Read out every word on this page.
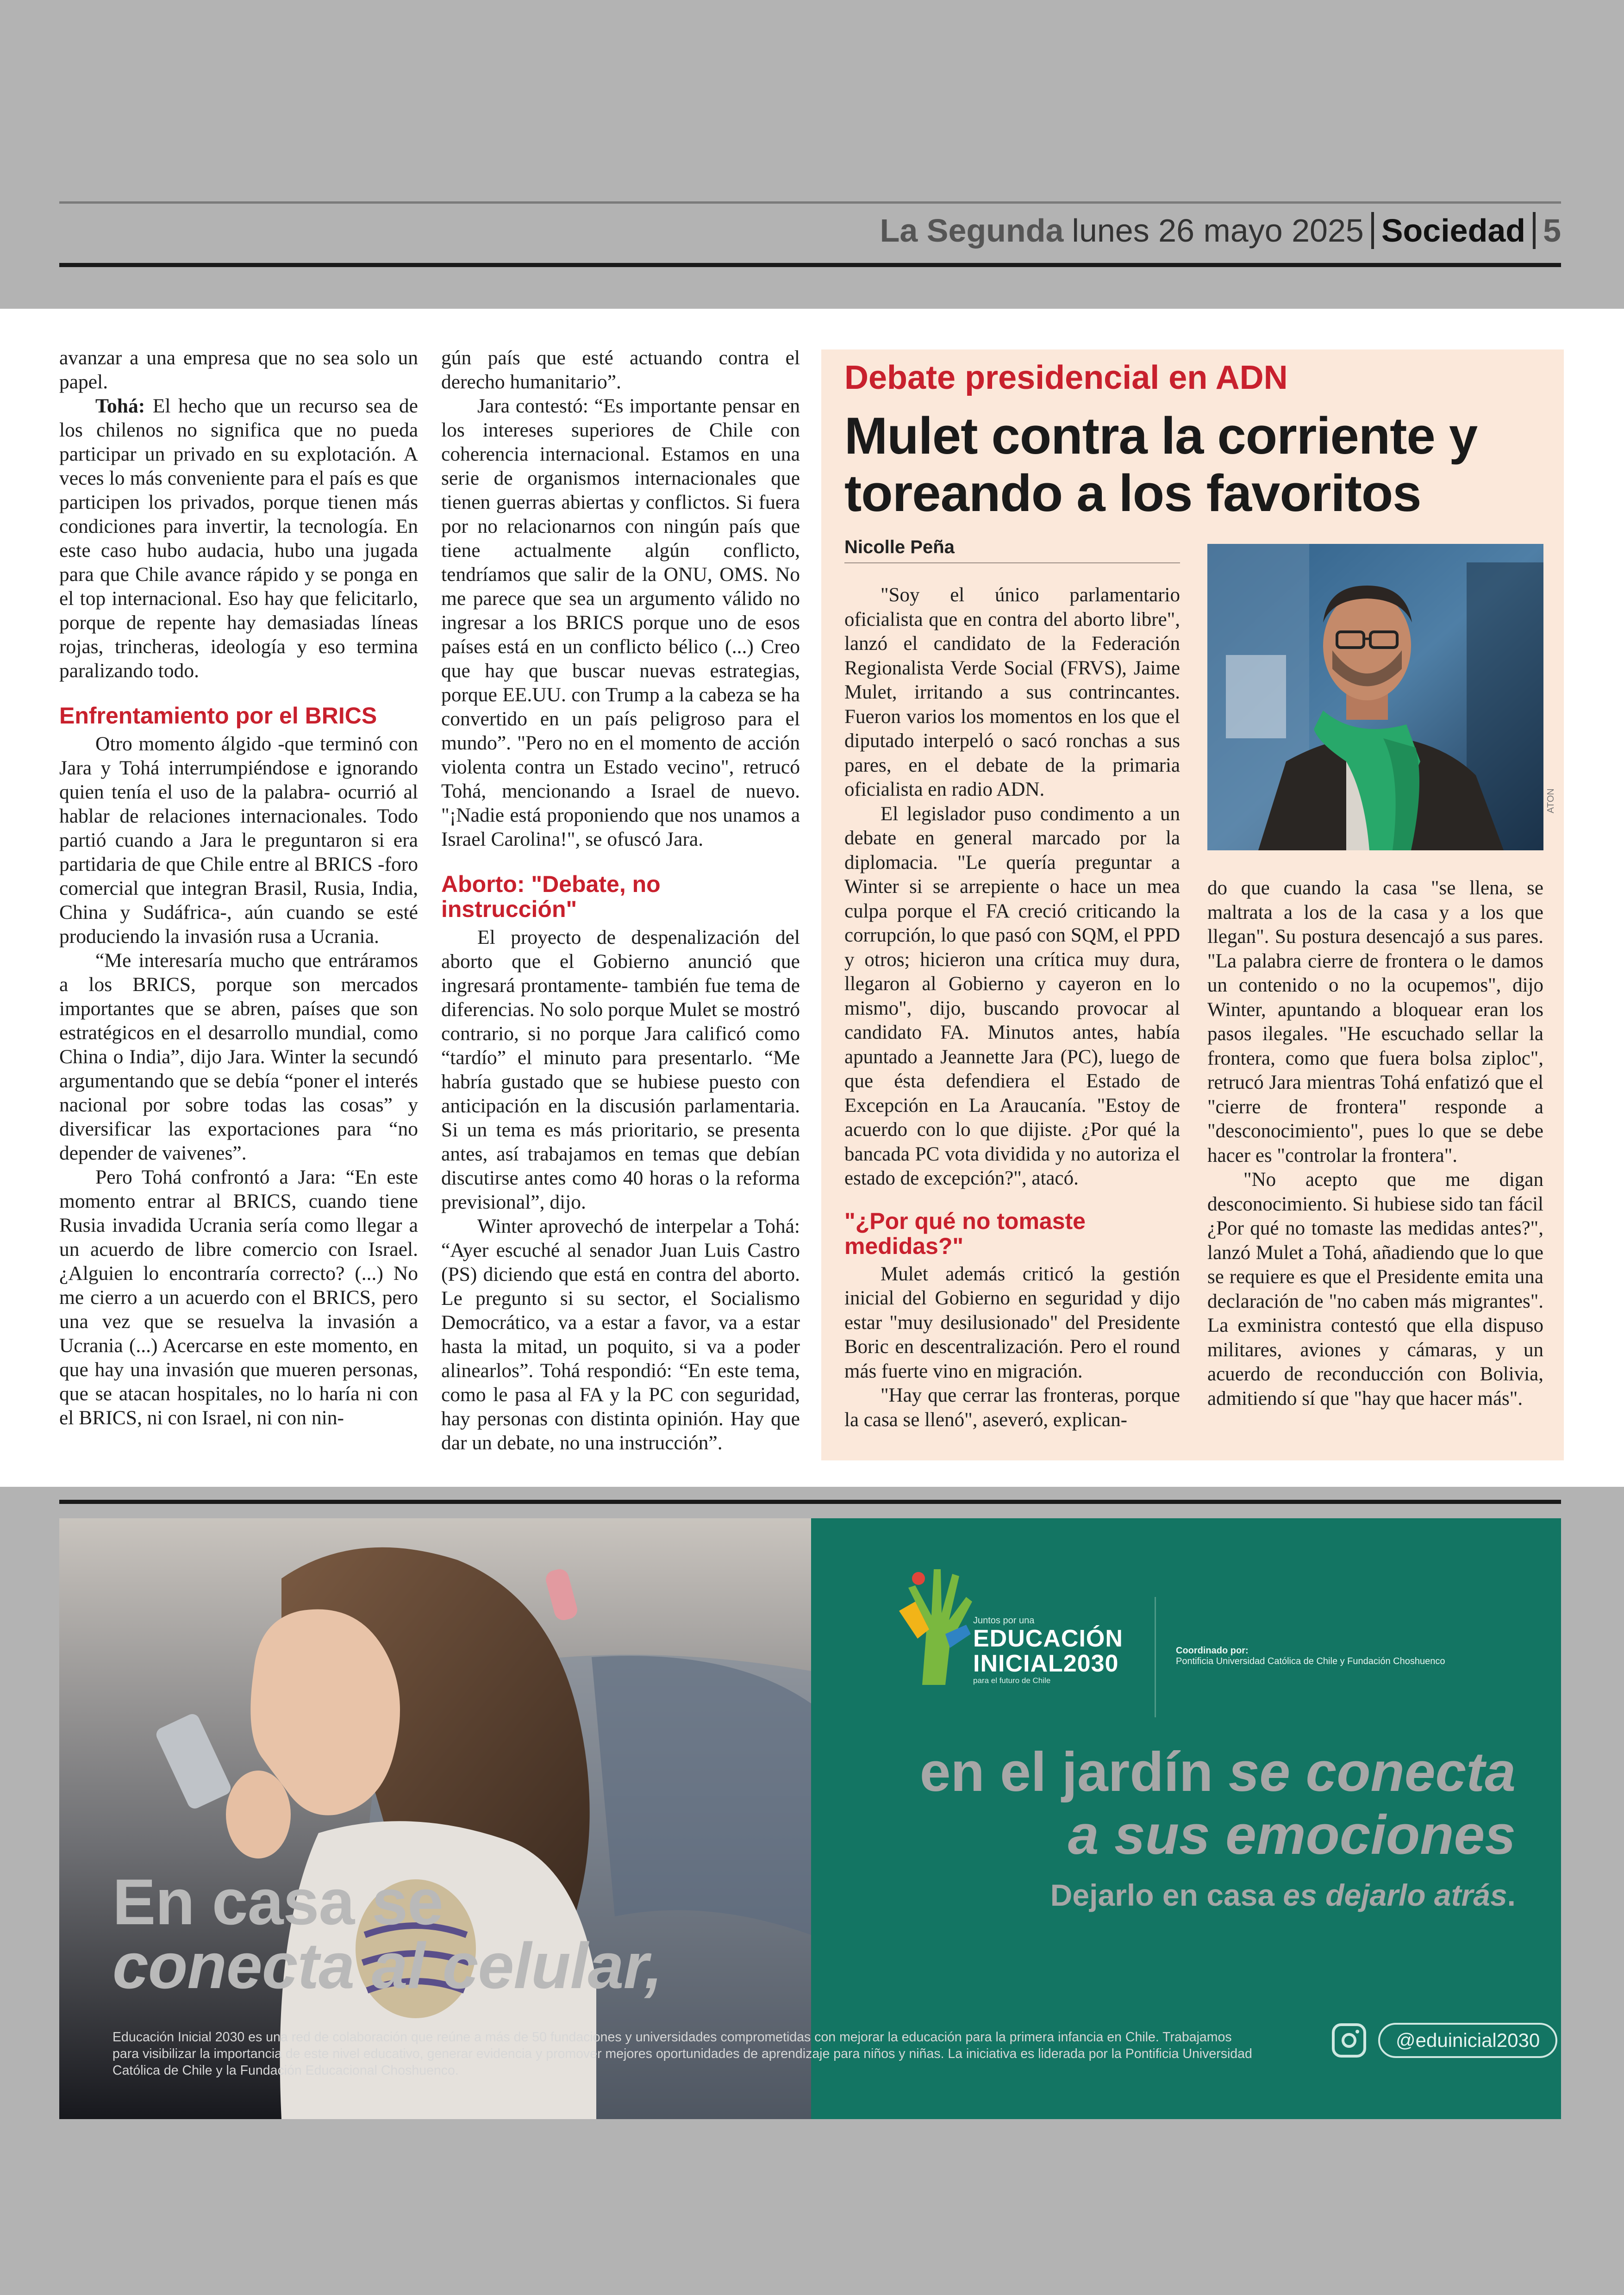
La Segunda lunes 26 mayo 2025 Sociedad 5

avanzar a una empresa que no sea solo un papel.

Tohá: El hecho que un recurso sea de los chilenos no significa que no pueda participar un privado en su explotación. A veces lo más conveniente para el país es que participen los privados, porque tienen más condiciones para invertir, la tecnología. En este caso hubo audacia, hubo una jugada para que Chile avance rápido y se ponga en el top internacional. Eso hay que felicitarlo, porque de repente hay demasiadas líneas rojas, trincheras, ideología y eso termina paralizando todo.

Enfrentamiento por el BRICS

Otro momento álgido -que terminó con Jara y Tohá interrumpiéndose e ignorando quien tenía el uso de la palabra- ocurrió al hablar de relaciones internacionales. Todo partió cuando a Jara le preguntaron si era partidaria de que Chile entre al BRICS -foro comercial que integran Brasil, Rusia, India, China y Sudáfrica-, aún cuando se esté produciendo la invasión rusa a Ucrania.

“Me interesaría mucho que entráramos a los BRICS, porque son mercados importantes que se abren, países que son estratégicos en el desarrollo mundial, como China o India”, dijo Jara. Winter la secundó argumentando que se debía “poner el interés nacional por sobre todas las cosas” y diversificar las exportaciones para “no depender de vaivenes”.

Pero Tohá confrontó a Jara: “En este momento entrar al BRICS, cuando tiene Rusia invadida Ucrania sería como llegar a un acuerdo de libre comercio con Israel. ¿Alguien lo encontraría correcto? (...) No me cierro a un acuerdo con el BRICS, pero una vez que se resuelva la invasión a Ucrania (...) Acercarse en este momento, en que hay una invasión que mueren personas, que se atacan hospitales, no lo haría ni con el BRICS, ni con Israel, ni con nin-

gún país que esté actuando contra el derecho humanitario”.

Jara contestó: “Es importante pensar en los intereses superiores de Chile con coherencia internacional. Estamos en una serie de organismos internacionales que tienen guerras abiertas y conflictos. Si fuera por no relacionarnos con ningún país que tiene actualmente algún conflicto, tendríamos que salir de la ONU, OMS. No me parece que sea un argumento válido no ingresar a los BRICS porque uno de esos países está en un conflicto bélico (...) Creo que hay que buscar nuevas estrategias, porque EE.UU. con Trump a la cabeza se ha convertido en un país peligroso para el mundo”. "Pero no en el momento de acción violenta contra un Estado vecino", retrucó Tohá, mencionando a Israel de nuevo. "¡Nadie está proponiendo que nos unamos a Israel Carolina!", se ofuscó Jara.

Aborto: "Debate, no instrucción"

El proyecto de despenalización del aborto que el Gobierno anunció que ingresará prontamente- también fue tema de diferencias. No solo porque Mulet se mostró contrario, si no porque Jara calificó como “tardío” el minuto para presentarlo. “Me habría gustado que se hubiese puesto con anticipación en la discusión parlamentaria. Si un tema es más prioritario, se presenta antes, así trabajamos en temas que debían discutirse antes como 40 horas o la reforma previsional”, dijo.

Winter aprovechó de interpelar a Tohá: “Ayer escuché al senador Juan Luis Castro (PS) diciendo que está en contra del aborto. Le pregunto si su sector, el Socialismo Democrático, va a estar a favor, va a estar hasta la mitad, un poquito, si va a poder alinearlos”. Tohá respondió: “En este tema, como le pasa al FA y la PC con seguridad, hay personas con distinta opinión. Hay que dar un debate, no una instrucción”.

Debate presidencial en ADN
Mulet contra la corriente y toreando a los favoritos
Nicolle Peña
ATON

"Soy el único parlamentario oficialista que en contra del aborto libre", lanzó el candidato de la Federación Regionalista Verde Social (FRVS), Jaime Mulet, irritando a sus contrincantes. Fueron varios los momentos en los que el diputado interpeló o sacó ronchas a sus pares, en el debate de la primaria oficialista en radio ADN.

El legislador puso condimento a un debate en general marcado por la diplomacia. "Le quería preguntar a Winter si se arrepiente o hace un mea culpa porque el FA creció criticando la corrupción, lo que pasó con SQM, el PPD y otros; hicieron una crítica muy dura, llegaron al Gobierno y cayeron en lo mismo", dijo, buscando provocar al candidato FA. Minutos antes, había apuntado a Jeannette Jara (PC), luego de que ésta defendiera el Estado de Excepción en La Araucanía. "Estoy de acuerdo con lo que dijiste. ¿Por qué la bancada PC vota dividida y no autoriza el estado de excepción?", atacó.

"¿Por qué no tomaste medidas?"

Mulet además criticó la gestión inicial del Gobierno en seguridad y dijo estar "muy desilusionado" del Presidente Boric en descentralización. Pero el round más fuerte vino en migración.

"Hay que cerrar las fronteras, porque la casa se llenó", aseveró, explican-

do que cuando la casa "se llena, se maltrata a los de la casa y a los que llegan". Su postura desencajó a sus pares. "La palabra cierre de frontera o le damos un contenido o no la ocupemos", dijo Winter, apuntando a bloquear eran los pasos ilegales. "He escuchado sellar la frontera, como que fuera bolsa ziploc", retrucó Jara mientras Tohá enfatizó que el "cierre de frontera" responde a "desconocimiento", pues lo que se debe hacer es "controlar la frontera".

"No acepto que me digan desconocimiento. Si hubiese sido tan fácil ¿Por qué no tomaste las medidas antes?", lanzó Mulet a Tohá, añadiendo que lo que se requiere es que el Presidente emita una declaración de "no caben más migrantes". La exministra contestó que ella dispuso militares, aviones y cámaras, y un acuerdo de reconducción con Bolivia, admitiendo sí que "hay que hacer más".

En casa se
conecta al celular,
Juntos por una
EDUCACIÓN
INICIAL2030
para el futuro de Chile
Coordinado por:
Pontificia Universidad Católica de Chile y Fundación Choshuenco
en el jardín se conecta
a sus emociones
Dejarlo en casa es dejarlo atrás.
@eduinicial2030
Educación Inicial 2030 es una red de colaboración que reúne a más de 50 fundaciones y universidades comprometidas con mejorar la educación para la primera infancia en Chile. Trabajamos para visibilizar la importancia de este nivel educativo, generar evidencia y promover mejores oportunidades de aprendizaje para niños y niñas. La iniciativa es liderada por la Pontificia Universidad Católica de Chile y la Fundación Educacional Choshuenco.
